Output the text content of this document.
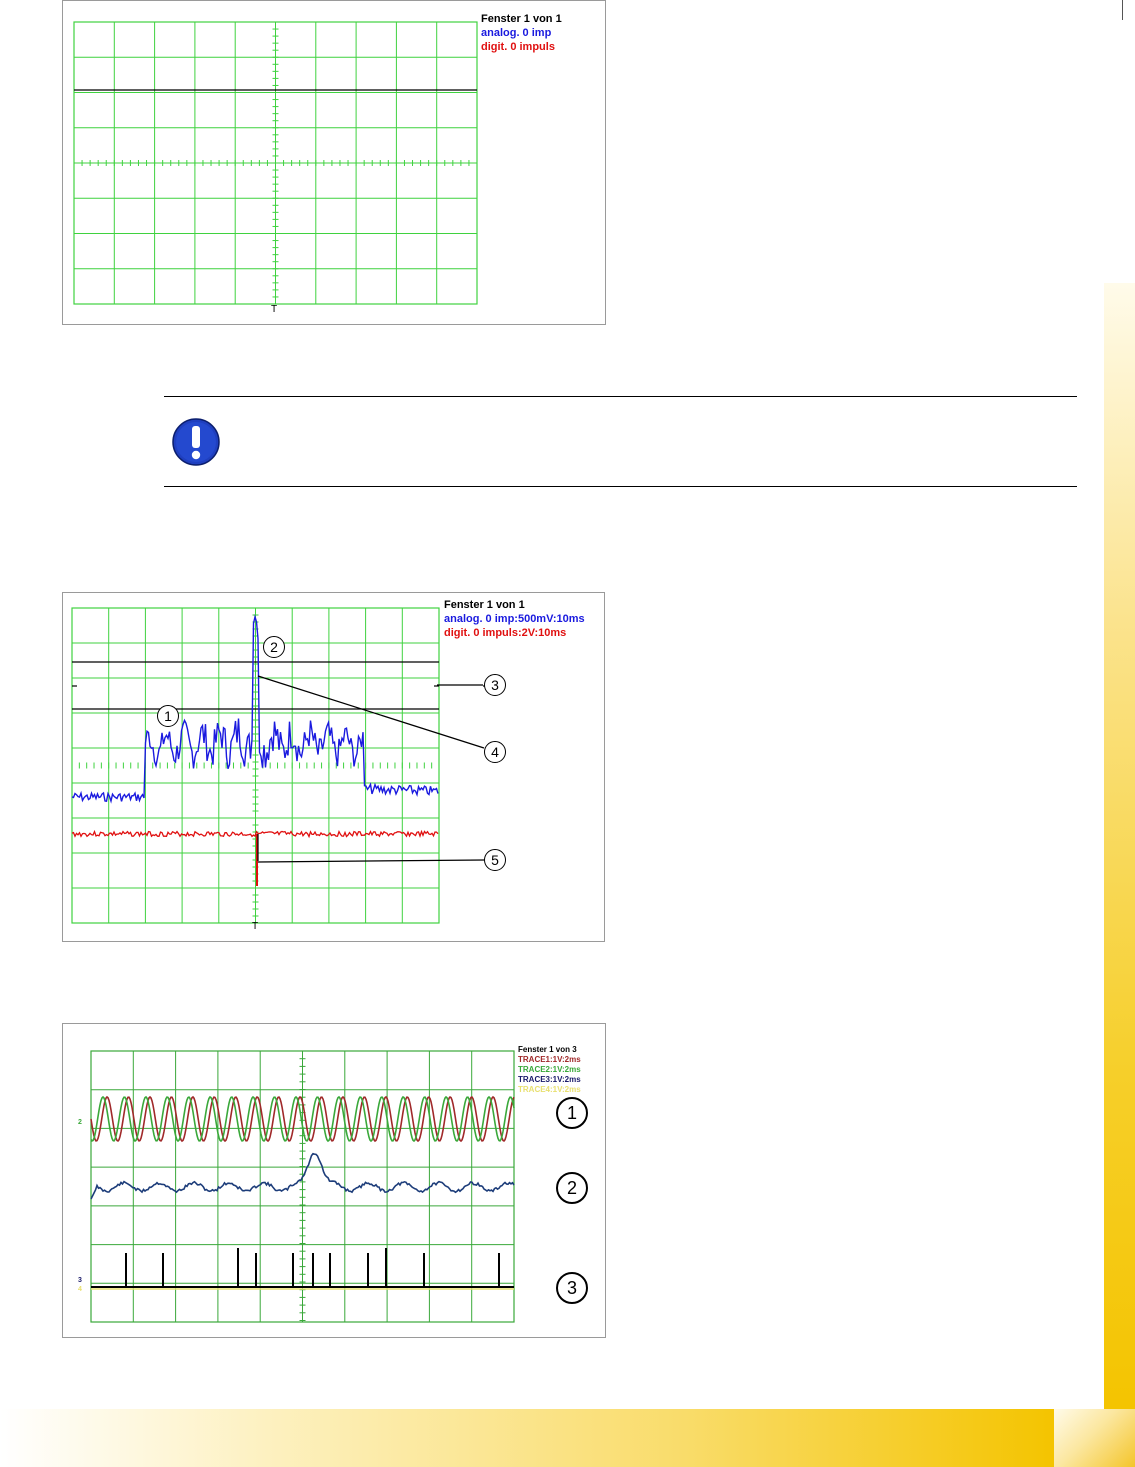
Fenster 1 von 1
analog. 0 imp
digit. 0 impuls
T
Fenster 1 von 1
analog. 0 imp:500mV:10ms
digit. 0 impuls:2V:10ms
T
1
2
3
4
5
Fenster 1 von 3
TRACE1:1V:2ms
TRACE2:1V:2ms
TRACE3:1V:2ms
TRACE4:1V:2ms
2
3
4
1
2
3
